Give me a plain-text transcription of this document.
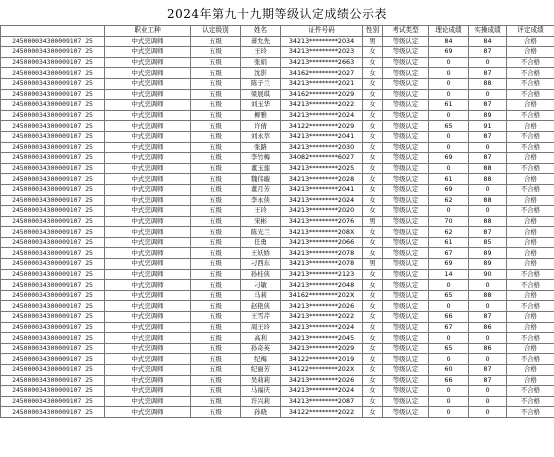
2024年第九十九期等级认定成绩公示表
	职业工种	认定级别	姓名	证件号码	性别	考试类型	理论成绩	实操成绩	评定成绩
245000034300009107 25	中式烹调师	五级	萧允先	34213*********2034	男	等级认定	84	84	合格
245000034300009107 25	中式烹调师	五级	王玲	34213*********2023	女	等级认定	69	87	合格
245000034300009107 25	中式烹调师	五级	张娟	34213*********2663	女	等级认定	0	0	不合格
245000034300009107 25	中式烹调师	五级	沈影	34162*********2027	女	等级认定	0	87	不合格
245000034300009107 25	中式烹调师	五级	陈子兰	34213*********2021	女	等级认定	0	88	不合格
245000034300009107 25	中式烹调师	五级	梁展琪	34162*********2029	女	等级认定	0	0	不合格
245000034300009107 25	中式烹调师	五级	刘玉华	34213*********2022	女	等级认定	61	87	合格
245000034300009107 25	中式烹调师	五级	柳雅	34213*********2024	女	等级认定	0	89	不合格
245000034300009107 25	中式烹调师	五级	许倩	34122*********2029	女	等级认定	65	91	合格
245000034300009107 25	中式烹调师	五级	刘永萃	34213*********2041	女	等级认定	0	87	不合格
245000034300009107 25	中式烹调师	五级	张路	34213*********2030	女	等级认定	0	0	不合格
245000034300009107 25	中式烹调师	五级	李竹梅	34082*********6027	女	等级认定	69	87	合格
245000034300009107 25	中式烹调师	五级	董玉莲	34213*********2025	女	等级认定	0	88	不合格
245000034300009107 25	中式烹调师	五级	魏伟璇	34213*********2028	女	等级认定	61	88	合格
245000034300009107 25	中式烹调师	五级	董月芳	34213*********2041	女	等级认定	69	0	不合格
245000034300009107 25	中式烹调师	五级	李永侠	34213*********2024	女	等级认定	62	88	合格
245000034300009107 25	中式烹调师	五级	王玲	34213*********2020	女	等级认定	0	0	不合格
245000034300009107 25	中式烹调师	五级	宋彬	34213*********2076	男	等级认定	70	88	合格
245000034300009107 25	中式烹调师	五级	陈光兰	34213*********208X	女	等级认定	62	87	合格
245000034300009107 25	中式烹调师	五级	任勇	34213*********2066	女	等级认定	61	85	合格
245000034300009107 25	中式烹调师	五级	王妖娇	34213*********2078	女	等级认定	67	89	合格
245000034300009107 25	中式烹调师	五级	刁西东	34213*********2078	男	等级认定	69	89	合格
245000034300009107 25	中式烹调师	五级	孙桂侠	34213*********2123	女	等级认定	14	90	不合格
245000034300009107 25	中式烹调师	五级	刁敏	34213*********2048	女	等级认定	0	0	不合格
245000034300009107 25	中式烹调师	五级	马莉	34162*********202X	女	等级认定	65	88	合格
245000034300009107 25	中式烹调师	五级	赵艳侠	34213*********2026	女	等级认定	0	0	不合格
245000034300009107 25	中式烹调师	五级	王雪芹	34213*********2022	女	等级认定	66	87	合格
245000034300009107 25	中式烹调师	五级	周王玲	34213*********2024	女	等级认定	67	86	合格
245000034300009107 25	中式烹调师	五级	高利	34213*********2045	女	等级认定	0	0	不合格
245000034300009107 25	中式烹调师	五级	孙奇英	34213*********2029	女	等级认定	65	86	合格
245000034300009107 25	中式烹调师	五级	纪梅	34122*********2019	女	等级认定	0	0	不合格
245000034300009107 25	中式烹调师	五级	纪丽芳	34122*********202X	女	等级认定	60	87	合格
245000034300009107 25	中式烹调师	五级	吴莉莉	34213*********2026	女	等级认定	66	87	合格
245000034300009107 25	中式烹调师	五级	马福庆	34213*********2024	女	等级认定	0	0	不合格
245000034300009107 25	中式烹调师	五级	许兴莉	34213*********2087	女	等级认定	0	0	不合格
245000034300009107 25	中式烹调师	五级	孙晓	34122*********2022	女	等级认定	0	0	不合格
